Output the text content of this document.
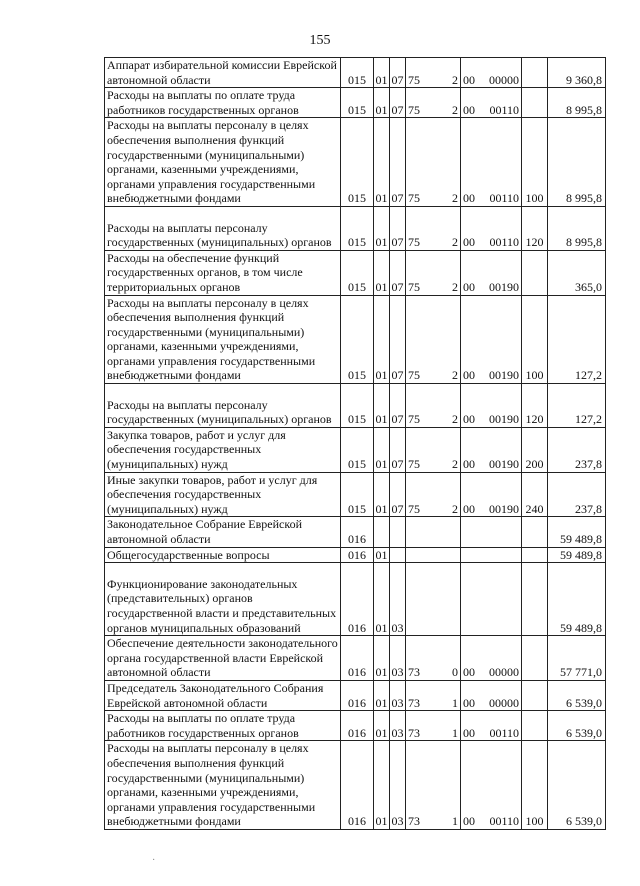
155
Аппарат избирательной комиссии Еврейской автономной области	015	01	07	75 2	00 00000		9 360,8
Расходы на выплаты по оплате труда работников государственных органов	015	01	07	75 2	00 00110		8 995,8
Расходы на выплаты персоналу в целях обеспечения выполнения функций государственными (муниципальными) органами, казенными учреждениями, органами управления государственными внебюджетными фондами	015	01	07	75 2	00 00110	100	8 995,8
Расходы на выплаты персоналу государственных (муниципальных) органов	015	01	07	75 2	00 00110	120	8 995,8
Расходы на обеспечение функций государственных органов, в том числе территориальных органов	015	01	07	75 2	00 00190		365,0
Расходы на выплаты персоналу в целях обеспечения выполнения функций государственными (муниципальными) органами, казенными учреждениями, органами управления государственными внебюджетными фондами	015	01	07	75 2	00 00190	100	127,2
Расходы на выплаты персоналу государственных (муниципальных) органов	015	01	07	75 2	00 00190	120	127,2
Закупка товаров, работ и услуг для обеспечения государственных (муниципальных) нужд	015	01	07	75 2	00 00190	200	237,8
Иные закупки товаров, работ и услуг для обеспечения государственных (муниципальных) нужд	015	01	07	75 2	00 00190	240	237,8
Законодательное Собрание Еврейской автономной области	016						59 489,8
Общегосударственные вопросы	016	01					59 489,8
Функционирование законодательных (представительных) органов государственной власти и представительных органов муниципальных образований	016	01	03				59 489,8
Обеспечение деятельности законодательного органа государственной власти Еврейской автономной области	016	01	03	73 0	00 00000		57 771,0
Председатель Законодательного Собрания Еврейской автономной области	016	01	03	73 1	00 00000		6 539,0
Расходы на выплаты по оплате труда работников государственных органов	016	01	03	73 1	00 00110		6 539,0
Расходы на выплаты персоналу в целях обеспечения выполнения функций государственными (муниципальными) органами, казенными учреждениями, органами управления государственными внебюджетными фондами	016	01	03	73 1	00 00110	100	6 539,0
·
